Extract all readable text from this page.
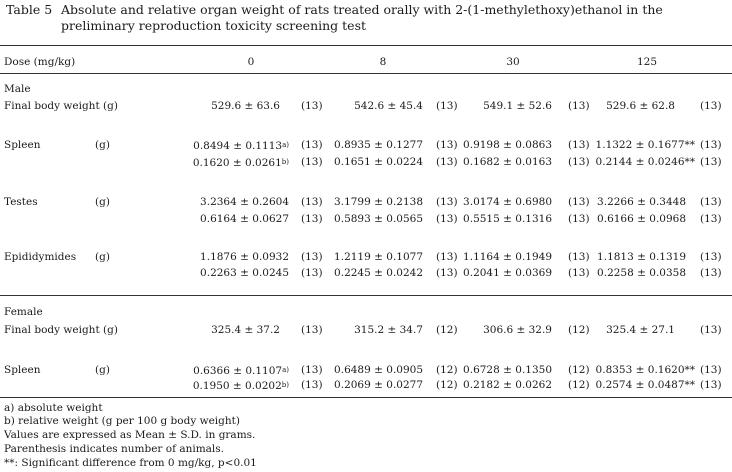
Table 5 Absolute and relative organ weight of rats treated orally with 2-(1-methylethoxy)ethanol in the preliminary reproduction toxicity screening test
Dose (mg/kg)	0	8	30	125
Male
Final body weight (g)	529.6 ± 63.6 (13)	542.6 ± 45.4 (13)	549.1 ± 52.6 (13)	529.6 ± 62.8 (13)
Spleen	(g)	$0.8494 \pm 0.1113^{a)}$ (13)	0.8935 ± 0.1277 (13) 0.9198 ± 0.0863 (13) 1.1322 ± 0.1677** (13)
$0.1620 \pm 0.0261^{b)}$ (13)	0.1651 ± 0.0224 (13) 0.1682 ± 0.0163 (13) 0.2144 ± 0.0246** (13)
Testes	(g)	3.2364 ± 0.2604 (13)	3.1799 ± 0.2138 (13) 3.0174 ± 0.6980 (13) 3.2266 ± 0.3448 (13)
0.6164 ± 0.0627 (13)	0.5893 ± 0.0565 (13) 0.5515 ± 0.1316 (13) 0.6166 ± 0.0968 (13)
Epididymides (g)	1.1876 ± 0.0932 (13)	1.2119 ± 0.1077 (13) 1.1164 ± 0.1949 (13) 1.1813 ± 0.1319 (13)
0.2263 ± 0.0245 (13)	0.2245 ± 0.0242 (13) 0.2041 ± 0.0369 (13) 0.2258 ± 0.0358 (13)
Female
Final body weight (g)	325.4 ± 37.2 (13)	315.2 ± 34.7 (12)	306.6 ± 32.9 (12)	325.4 ± 27.1 (13)
Spleen	(g)	$0.6366 \pm 0.1107^{a)}$ (13)	0.6489 ± 0.0905 (12) 0.6728 ± 0.1350 (12) 0.8353 ± 0.1620** (13)
$0.1950 \pm 0.0202^{b)}$ (13)	0.2069 ± 0.0277 (12) 0.2182 ± 0.0262 (12) 0.2574 ± 0.0487** (13)
a) absolute weight
b) relative weight (g per 100 g body weight)
Values are expressed as Mean ± S.D. in grams.
Parenthesis indicates number of animals.
**: Significant difference from 0 mg/kg, p<0.01
